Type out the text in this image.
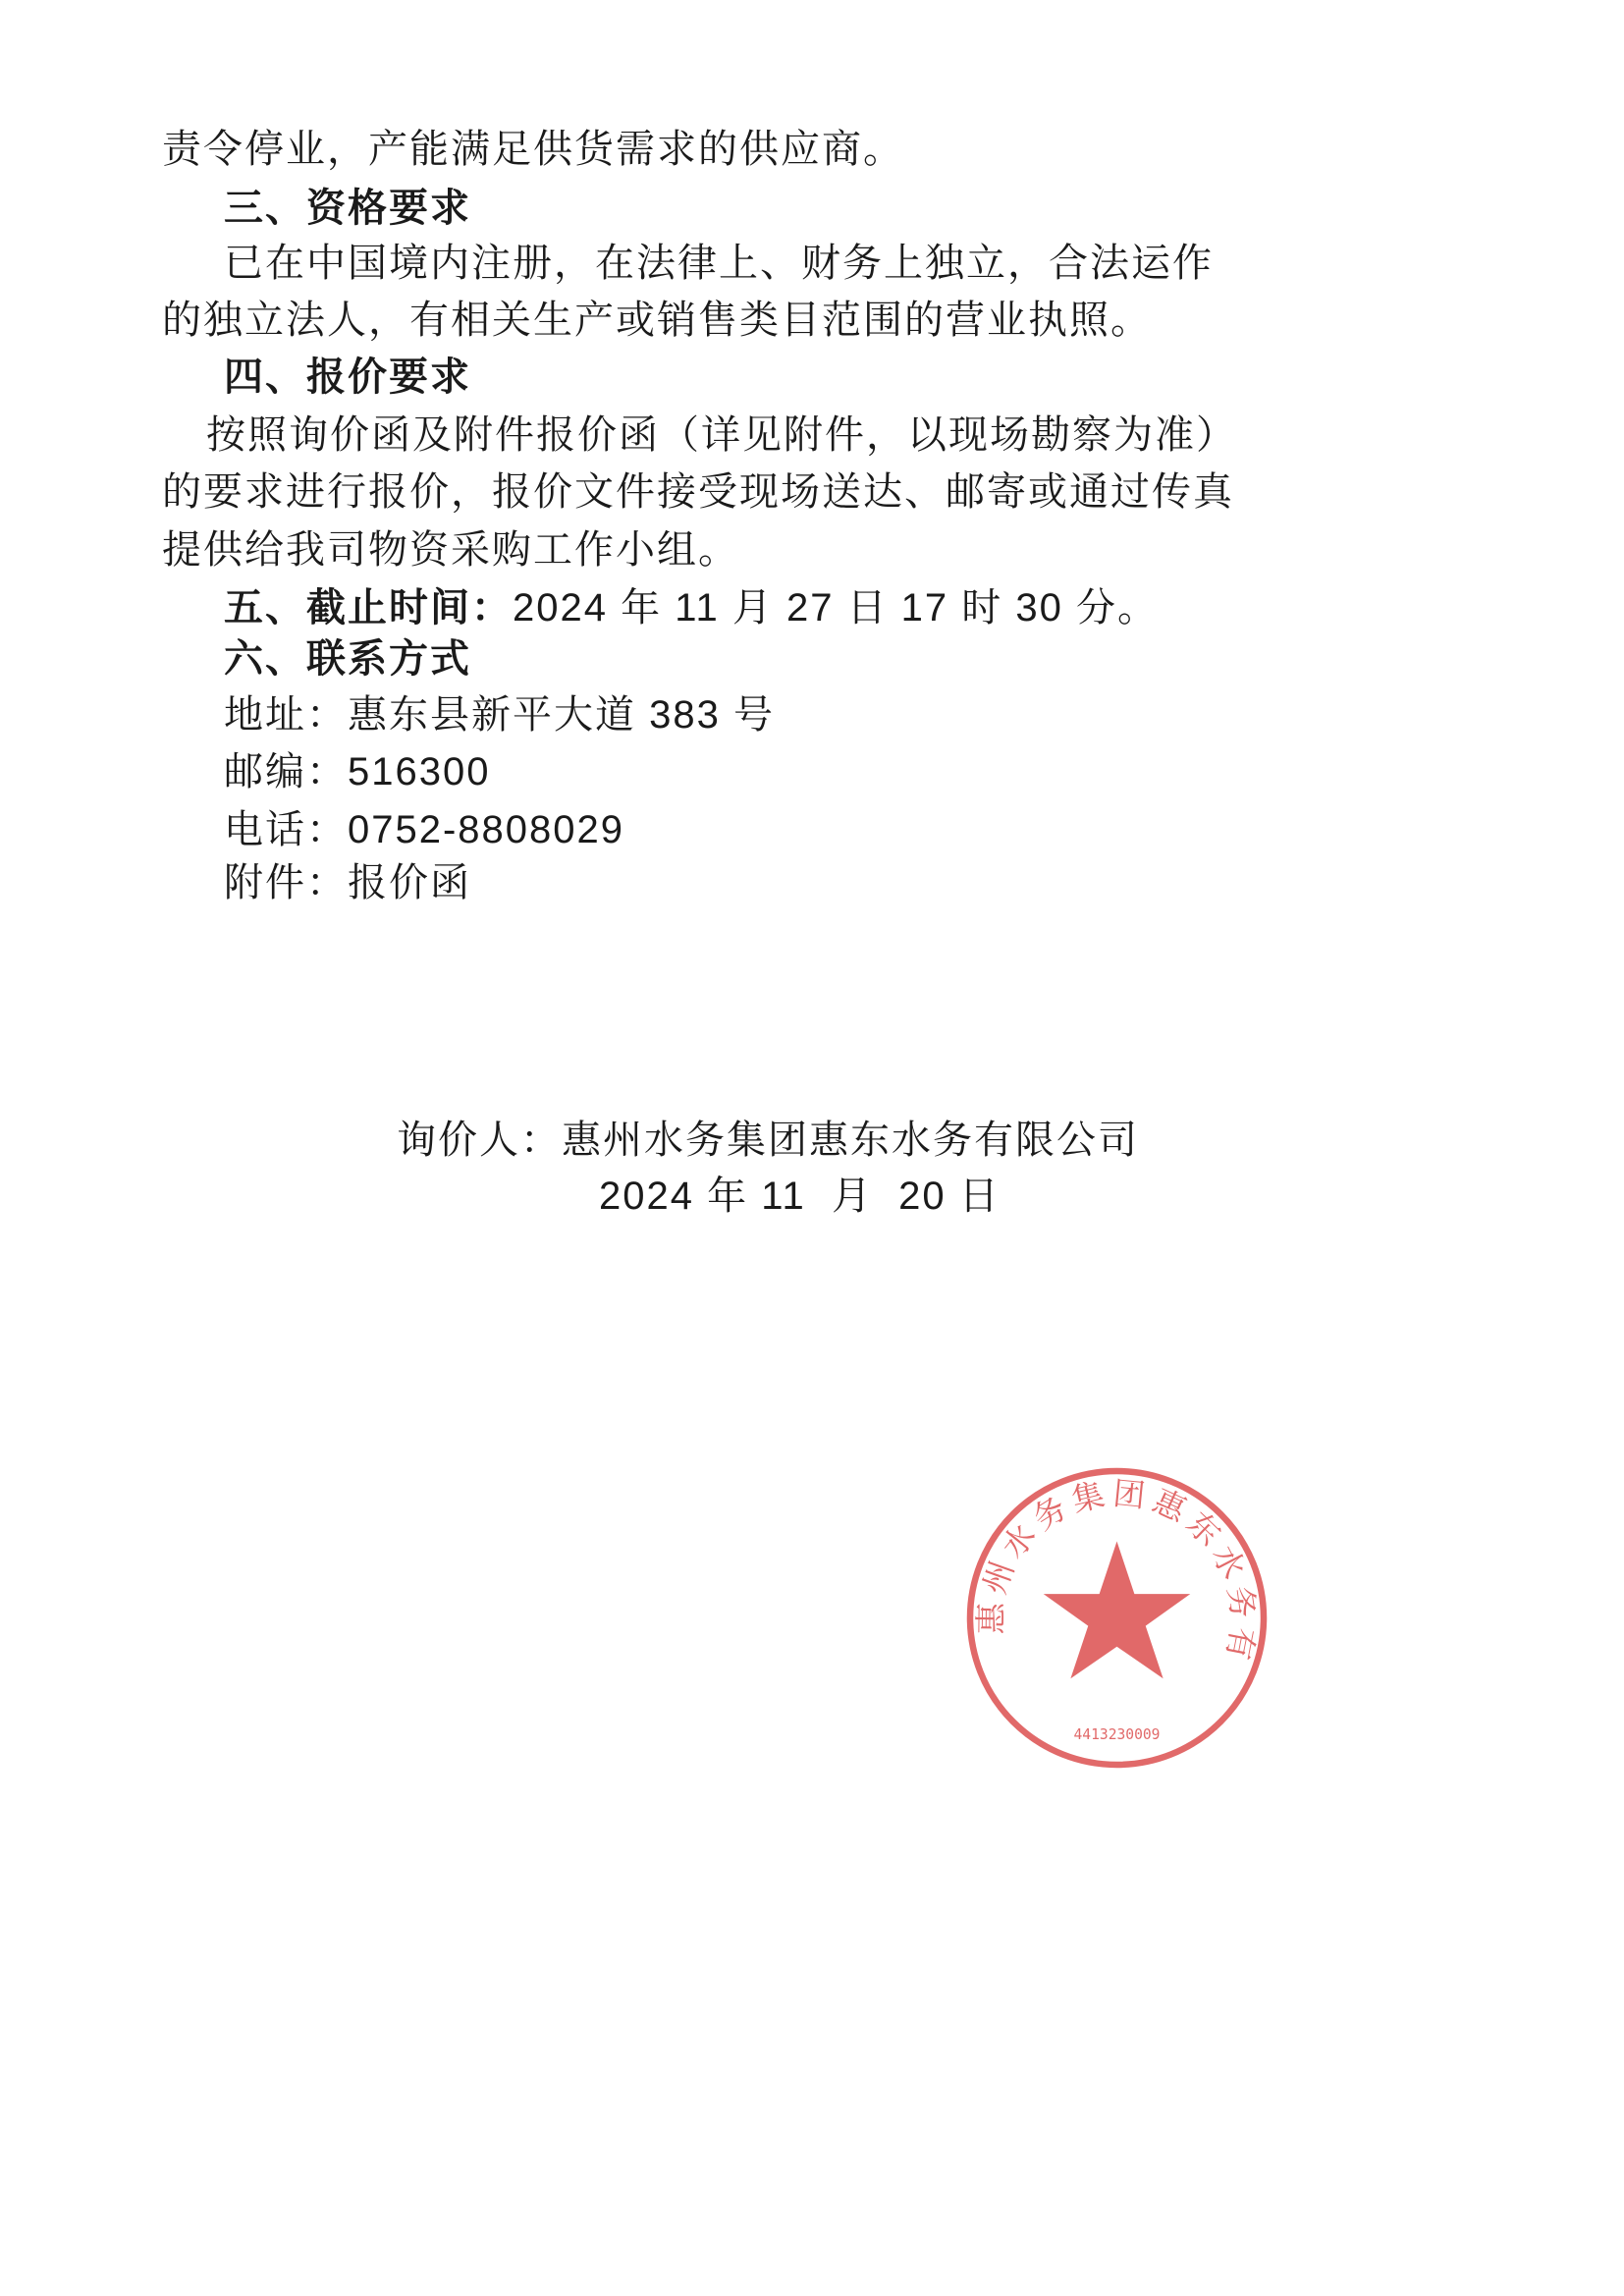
责令停业，产能满足供货需求的供应商。
三、资格要求
已在中国境内注册，在法律上、财务上独立，合法运作
的独立法人，有相关生产或销售类目范围的营业执照。
四、报价要求
按照询价函及附件报价函（详见附件，以现场勘察为准）
的要求进行报价，报价文件接受现场送达、邮寄或通过传真
提供给我司物资采购工作小组。
五、截止时间：2024 年 11 月 27 日 17 时 30 分。
六、联系方式
地址：惠东县新平大道 383 号
邮编：516300
电话：0752-8808029
附件：报价函
惠州水务集团惠东水务有
4413230009
询价人：惠州水务集团惠东水务有限公司
2024 年 11  月  20 日
